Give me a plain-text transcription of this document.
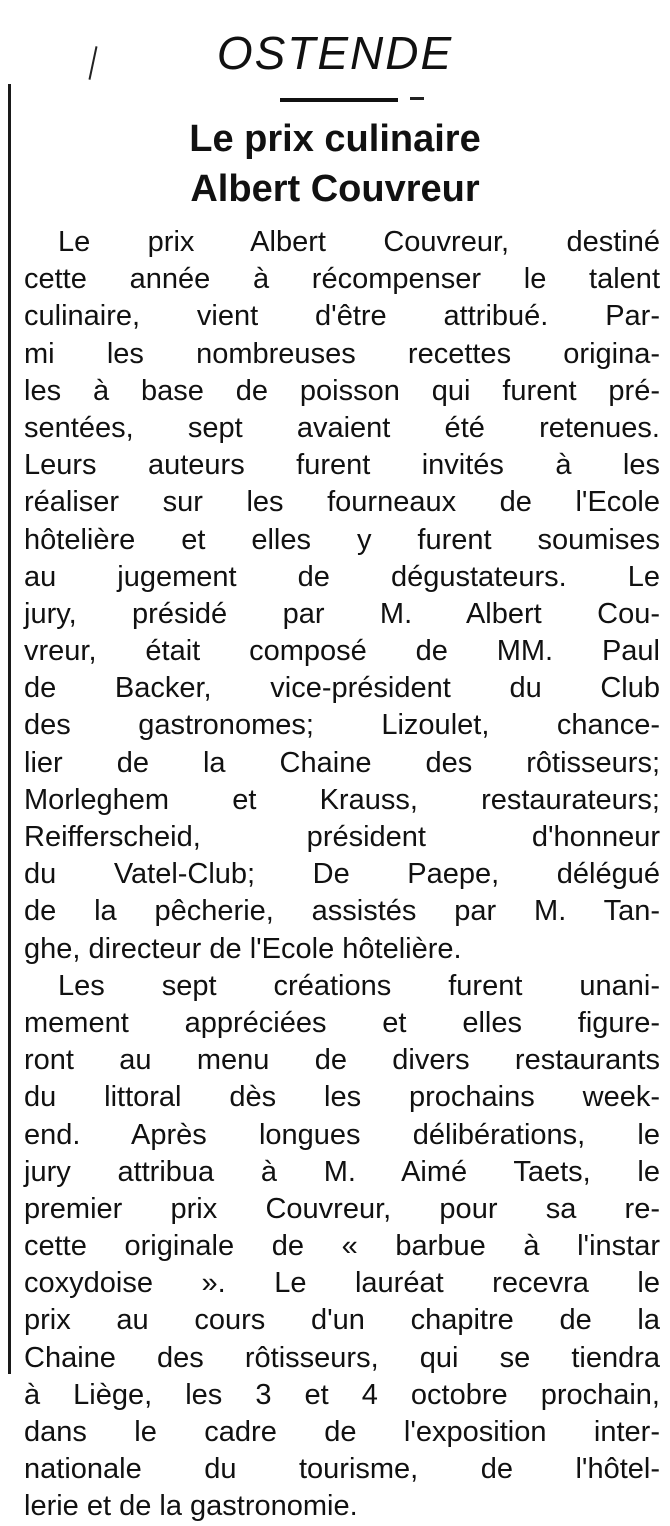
OSTENDE
Le prix culinaire
Albert Couvreur
Le prix Albert Couvreur, destiné
cette année à récompenser le talent
culinaire, vient d'être attribué. Par-
mi les nombreuses recettes origina-
les à base de poisson qui furent pré-
sentées, sept avaient été retenues.
Leurs auteurs furent invités à les
réaliser sur les fourneaux de l'Ecole
hôtelière et elles y furent soumises
au jugement de dégustateurs. Le
jury, présidé par M. Albert Cou-
vreur, était composé de MM. Paul
de Backer, vice-président du Club
des gastronomes; Lizoulet, chance-
lier de la Chaine des rôtisseurs;
Morleghem et Krauss, restaurateurs;
Reifferscheid, président d'honneur
du Vatel-Club; De Paepe, délégué
de la pêcherie, assistés par M. Tan-
ghe, directeur de l'Ecole hôtelière.
Les sept créations furent unani-
mement appréciées et elles figure-
ront au menu de divers restaurants
du littoral dès les prochains week-
end. Après longues délibérations, le
jury attribua à M. Aimé Taets, le
premier prix Couvreur, pour sa re-
cette originale de « barbue à l'instar
coxydoise ». Le lauréat recevra le
prix au cours d'un chapitre de la
Chaine des rôtisseurs, qui se tiendra
à Liège, les 3 et 4 octobre prochain,
dans le cadre de l'exposition inter-
nationale du tourisme, de l'hôtel-
lerie et de la gastronomie.
